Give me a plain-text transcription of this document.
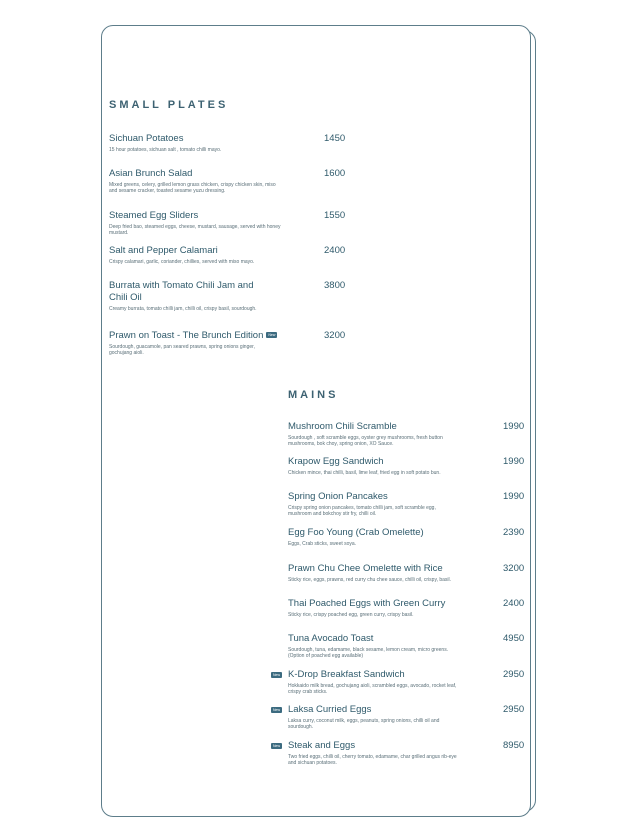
SMALL PLATES
Sichuan Potatoes
15 hour potatoes, sichuan salt , tomato chilli mayo.
1450
Asian Brunch Salad
Mixed greens, celery, grilled lemon grass chicken, crispy chicken skin, miso and sesame cracker, toasted sesame yuzu dressing.
1600
Steamed Egg Sliders
Deep fried bao, steamed eggs, cheese, mustard, sausage, served with honey mustard.
1550
Salt and Pepper Calamari
Crispy calamari, garlic, coriander, chillies, served with miso mayo.
2400
Burrata with Tomato Chili Jam and Chili Oil
Creamy burrata, tomato chilli jam, chilli oil, crispy basil, sourdough.
3800
Prawn on Toast - The Brunch Edition New
Sourdough, guacamole, pan seared prawns, spring onions ginger, gochujang aioli.
3200
MAINS
Mushroom Chili Scramble
Sourdough , soft scramble eggs, oyster grey mushrooms, fresh button mushrooms, bok choy, spring onion, XO Sauce.
1990
Krapow Egg Sandwich
Chicken mince, thai chilli, basil, lime leaf, fried egg in soft potato bun.
1990
Spring Onion Pancakes
Crispy spring onion pancakes, tomato chilli jam, soft scramble egg, mushroom and bokchoy stir fry, chilli oil.
1990
Egg Foo Young (Crab Omelette)
Eggs, Crab sticks, sweet soya.
2390
Prawn Chu Chee Omelette with Rice
Sticky rice, eggs, prawns, red curry chu chee sauce, chilli oil, crispy, basil.
3200
Thai Poached Eggs with Green Curry
Sticky rice, crispy poached egg, green curry, crispy basil.
2400
Tuna Avocado Toast
Sourdough, tuna, edamame, black sesame, lemon cream, micro greens. (Option of poached egg available)
4950
New K-Drop Breakfast Sandwich
Hokkaido milk bread, gochujang aioli, scrambled eggs, avocado, rocket leaf, crispy crab sticks.
2950
New Laksa Curried Eggs
Laksa curry, coconut milk, eggs, peanuts, spring onions, chilli oil and sourdough.
2950
New Steak and Eggs
Two fried eggs, chilli oil, cherry tomato, edamame, char grilled angus rib-eye and sichuan potatoes.
8950
